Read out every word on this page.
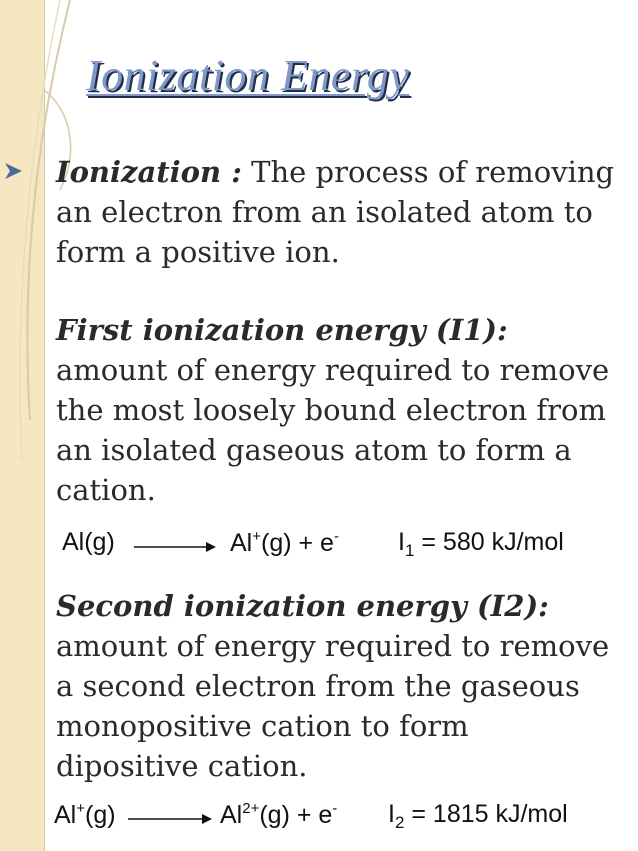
Ionization Energy
Ionization : The process of removing an electron from an isolated atom to form a positive ion.
First ionization energy (I1): amount of energy required to remove the most loosely bound electron from an isolated gaseous atom to form a cation.
Al(g) → Al+(g) + e- $I_1 = 580$ kJ/mol
Second ionization energy (I2): amount of energy required to remove a second electron from the gaseous monopositive cation to form dipositive cation.
$Al^+(g) \to Al^{2+}(g) + e^-$ $I_2 = 1815$ kJ/mol
